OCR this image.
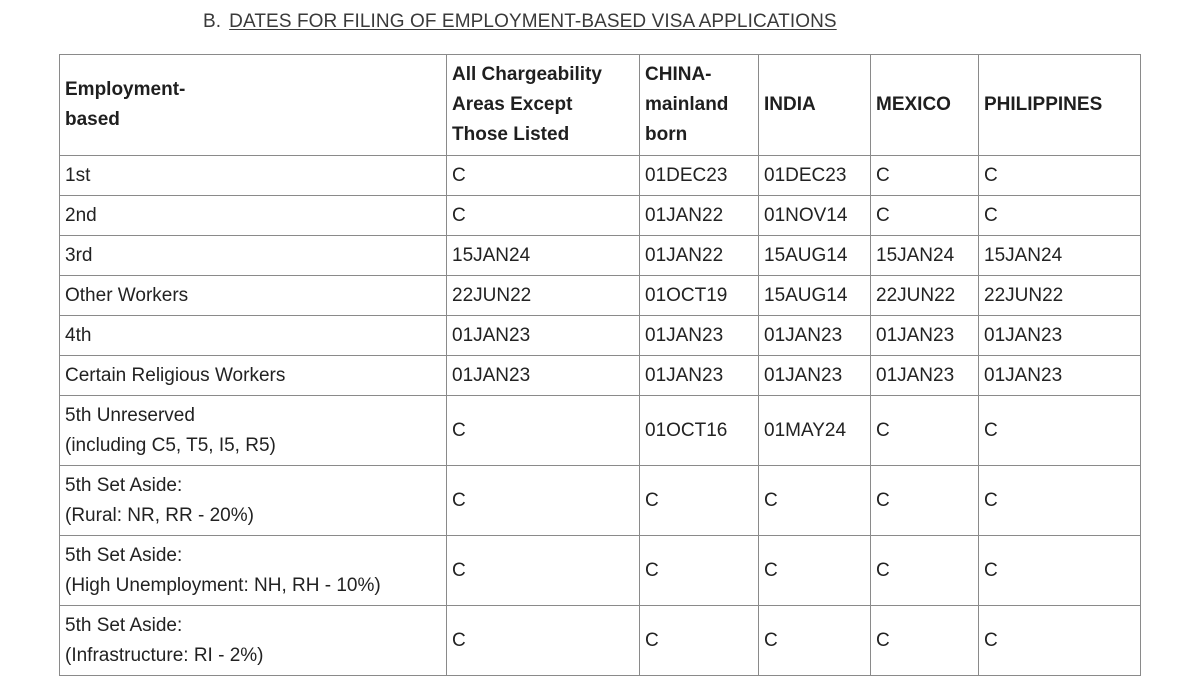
B. DATES FOR FILING OF EMPLOYMENT-BASED VISA APPLICATIONS
Employment-
based	All Chargeability
Areas Except
Those Listed	CHINA-
mainland
born	INDIA	MEXICO	PHILIPPINES
1st	C	01DEC23	01DEC23	C	C
2nd	C	01JAN22	01NOV14	C	C
3rd	15JAN24	01JAN22	15AUG14	15JAN24	15JAN24
Other Workers	22JUN22	01OCT19	15AUG14	22JUN22	22JUN22
4th	01JAN23	01JAN23	01JAN23	01JAN23	01JAN23
Certain Religious Workers	01JAN23	01JAN23	01JAN23	01JAN23	01JAN23
5th Unreserved
(including C5, T5, I5, R5)	C	01OCT16	01MAY24	C	C
5th Set Aside:
(Rural: NR, RR - 20%)	C	C	C	C	C
5th Set Aside:
(High Unemployment: NH, RH - 10%)	C	C	C	C	C
5th Set Aside:
(Infrastructure: RI - 2%)	C	C	C	C	C
